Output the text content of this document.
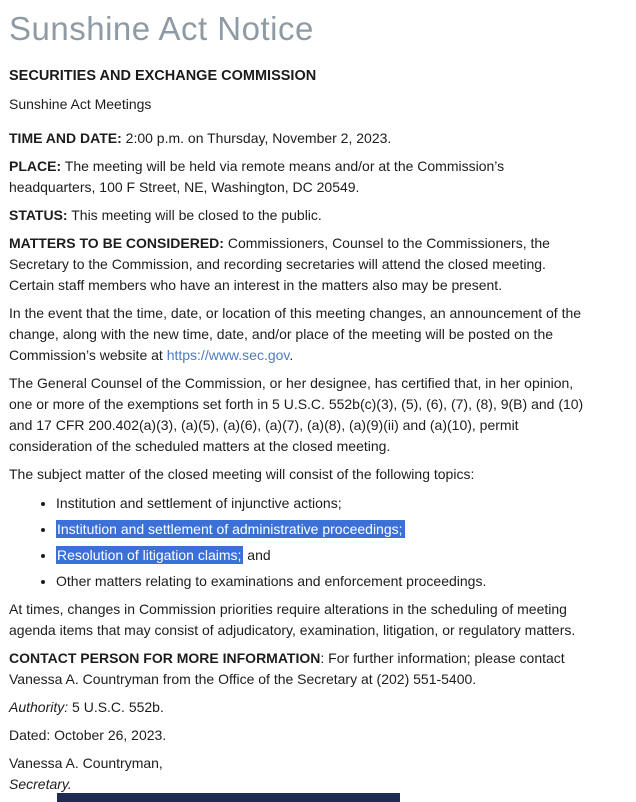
Sunshine Act Notice
SECURITIES AND EXCHANGE COMMISSION

Sunshine Act Meetings

TIME AND DATE: 2:00 p.m. on Thursday, November 2, 2023.

PLACE: The meeting will be held via remote means and/or at the Commission’s headquarters, 100 F Street, NE, Washington, DC 20549.

STATUS: This meeting will be closed to the public.

MATTERS TO BE CONSIDERED: Commissioners, Counsel to the Commissioners, the Secretary to the Commission, and recording secretaries will attend the closed meeting. Certain staff members who have an interest in the matters also may be present.

In the event that the time, date, or location of this meeting changes, an announcement of the change, along with the new time, date, and/or place of the meeting will be posted on the Commission’s website at https://www.sec.gov.

The General Counsel of the Commission, or her designee, has certified that, in her opinion, one or more of the exemptions set forth in 5 U.S.C. 552b(c)(3), (5), (6), (7), (8), 9(B) and (10) and 17 CFR 200.402(a)(3), (a)(5), (a)(6), (a)(7), (a)(8), (a)(9)(ii) and (a)(10), permit consideration of the scheduled matters at the closed meeting.

The subject matter of the closed meeting will consist of the following topics:

• Institution and settlement of injunctive actions;
• Institution and settlement of administrative proceedings;
• Resolution of litigation claims; and
• Other matters relating to examinations and enforcement proceedings.

At times, changes in Commission priorities require alterations in the scheduling of meeting agenda items that may consist of adjudicatory, examination, litigation, or regulatory matters.

CONTACT PERSON FOR MORE INFORMATION: For further information; please contact Vanessa A. Countryman from the Office of the Secretary at (202) 551-5400.

Authority: 5 U.S.C. 552b.

Dated: October 26, 2023.

Vanessa A. Countryman,
Secretary.
